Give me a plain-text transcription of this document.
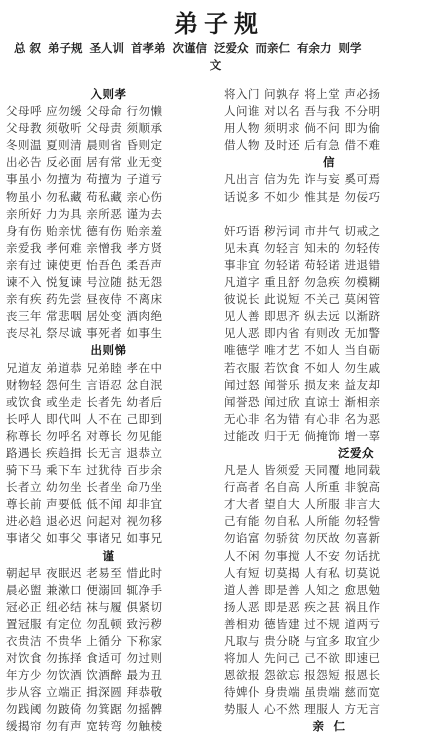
弟子规
总 叙 弟子规 圣人训 首孝弟 次谨信 泛爱众 而亲仁 有余力 则学
文
入则孝
父母呼 应勿缓 父母命 行勿懒
父母教 须敬听 父母责 须顺承
冬则温 夏则清 晨则省 昏则定
出必告 反必面 居有常 业无变
事虽小 勿擅为 苟擅为 子道亏
物虽小 勿私藏 苟私藏 亲心伤
亲所好 力为具 亲所恶 谨为去
身有伤 贻亲忧 德有伤 贻亲羞
亲爱我 孝何难 亲憎我 孝方贤
亲有过 谏使更 怡吾色 柔吾声
谏不入 悦复谏 号泣随 挞无怨
亲有疾 药先尝 昼夜侍 不离床
丧三年 常悲咽 居处变 酒肉绝
丧尽礼 祭尽诚 事死者 如事生
出则悌
兄道友 弟道恭 兄弟睦 孝在中
财物轻 怨何生 言语忍 忿自泯
或饮食 或坐走 长者先 幼者后
长呼人 即代叫 人不在 己即到
称尊长 勿呼名 对尊长 勿见能
路遇长 疾趋揖 长无言 退恭立
骑下马 乘下车 过犹待 百步余
长者立 幼勿坐 长者坐 命乃坐
尊长前 声要低 低不闻 却非宜
进必趋 退必迟 问起对 视勿移
事诸父 如事父 事诸兄 如事兄
谨
朝起早 夜眠迟 老易至 惜此时
晨必盥 兼漱口 便溺回 辄净手
冠必正 纽必结 袜与履 俱紧切
置冠服 有定位 勿乱顿 致污秽
衣贵洁 不贵华 上循分 下称家
对饮食 勿拣择 食适可 勿过则
年方少 勿饮酒 饮酒醉 最为丑
步从容 立端正 揖深圆 拜恭敬
勿践阈 勿跛倚 勿箕踞 勿摇髀
缓揭帘 勿有声 宽转弯 勿触棱
将入门 问孰存 将上堂 声必扬
人问谁 对以名 吾与我 不分明
用人物 须明求 倘不问 即为偷
借人物 及时还 后有急 借不难
信
凡出言 信为先 诈与妄 奚可焉
话说多 不如少 惟其是 勿佞巧
奸巧语 秽污词 市井气 切戒之
见未真 勿轻言 知未的 勿轻传
事非宜 勿轻诺 苟轻诺 进退错
凡道字 重且舒 勿急疾 勿模糊
彼说长 此说短 不关己 莫闲管
见人善 即思齐 纵去远 以渐跻
见人恶 即内省 有则改 无加警
唯德学 唯才艺 不如人 当自砺
若衣服 若饮食 不如人 勿生戚
闻过怒 闻誉乐 损友来 益友却
闻誉恐 闻过欣 直谅士 渐相亲
无心非 名为错 有心非 名为恶
过能改 归于无 倘掩饰 增一辜
泛爱众
凡是人 皆须爱 天同覆 地同载
行高者 名自高 人所重 非貌高
才大者 望自大 人所服 非言大
己有能 勿自私 人所能 勿轻訾
勿谄富 勿骄贫 勿厌故 勿喜新
人不闲 勿事搅 人不安 勿话扰
人有短 切莫揭 人有私 切莫说
道人善 即是善 人知之 愈思勉
扬人恶 即是恶 疾之甚 祸且作
善相劝 德皆建 过不规 道两亏
凡取与 贵分晓 与宜多 取宜少
将加人 先问己 己不欲 即速已
恩欲报 怨欲忘 报怨短 报恩长
待婢仆 身贵端 虽贵端 慈而宽
势服人 心不然 理服人 方无言
亲  仁
